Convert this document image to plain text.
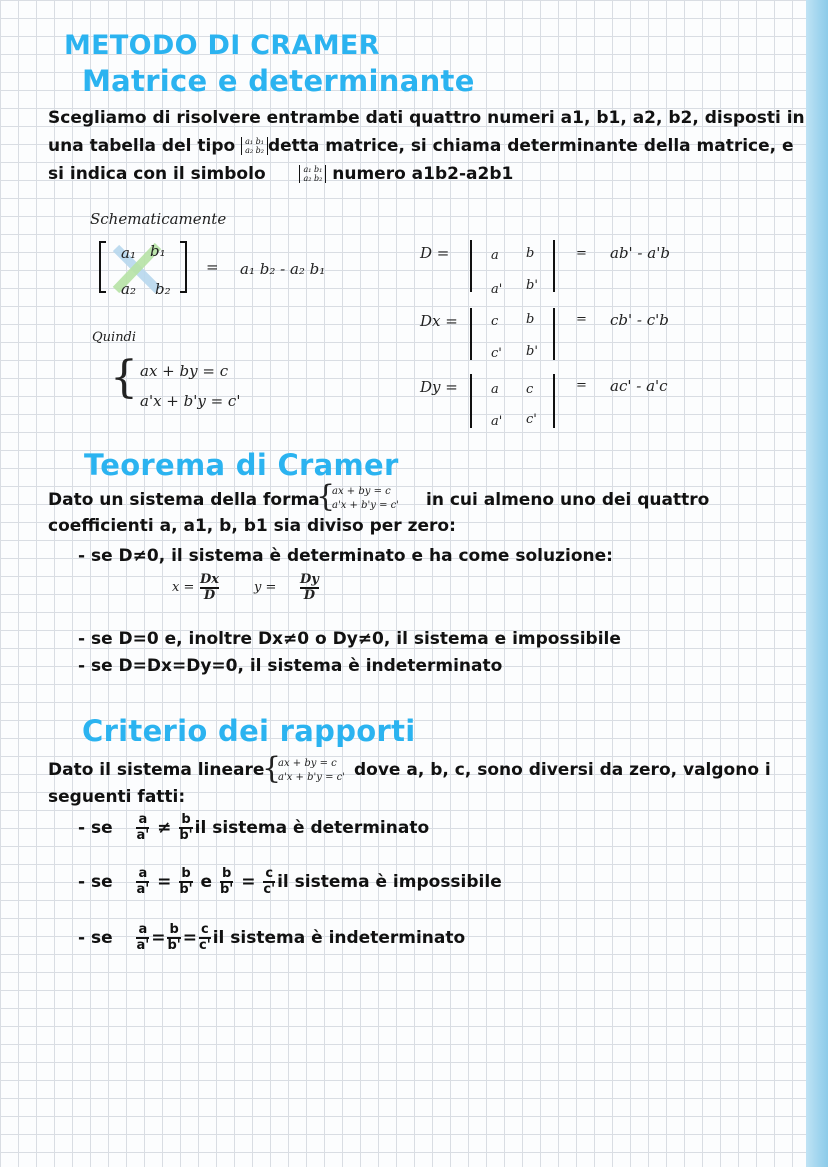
METODO DI CRAMER
Matrice e determinante
Scegliamo di risolvere entrambe dati quattro numeri a1, b1, a2, b2, disposti in
una tabella del tipo a₁ b₁
a₂ b₂ detta matrice, si chiama determinante della matrice, e
si indica con il simbolo	a₁ b₁
a₂ b₂ numero a1b2-a2b1
Schematicamente
a₁ b₁
a₂ b₂
= a₁ b₂ - a₂ b₁
Quindi
{ ax + by = c
a'x + b'y = c'
D =	a b
a' b'
= ab' - a'b
Dx =	c b
c' b'
= cb' - c'b
Dy =	a c
a' c'
= ac' - a'c
Teorema di Cramer
Dato un sistema della forma
{
ax + by = c
a'x + b'y = c' in cui almeno uno dei quattro
coefficienti a, a1, b, b1 sia diviso per zero:
- se D≠0, il sistema è determinato e ha come soluzione:
$x = \frac{Dx}{D}$	$y = \frac{Dy}{D}$
- se D=0 e, inoltre Dx≠0 o Dy≠0, il sistema e impossibile
- se D=Dx=Dy=0, il sistema è indeterminato
Criterio dei rapporti
Dato il sistema lineare
{
ax + by = c
a'x + b'y = c' dove a, b, c, sono diversi da zero, valgono i
seguenti fatti:
- se $\frac{a}{a'} \ne \frac{b}{b'}$ il sistema è determinato
- se $\frac{a}{a'} = \frac{b}{b'}$ e $\frac{b}{b'} = \frac{c}{c'}$ il sistema è impossibile
- se $\frac{a}{a'} = \frac{b}{b'} = \frac{c}{c'}$ il sistema è indeterminato
